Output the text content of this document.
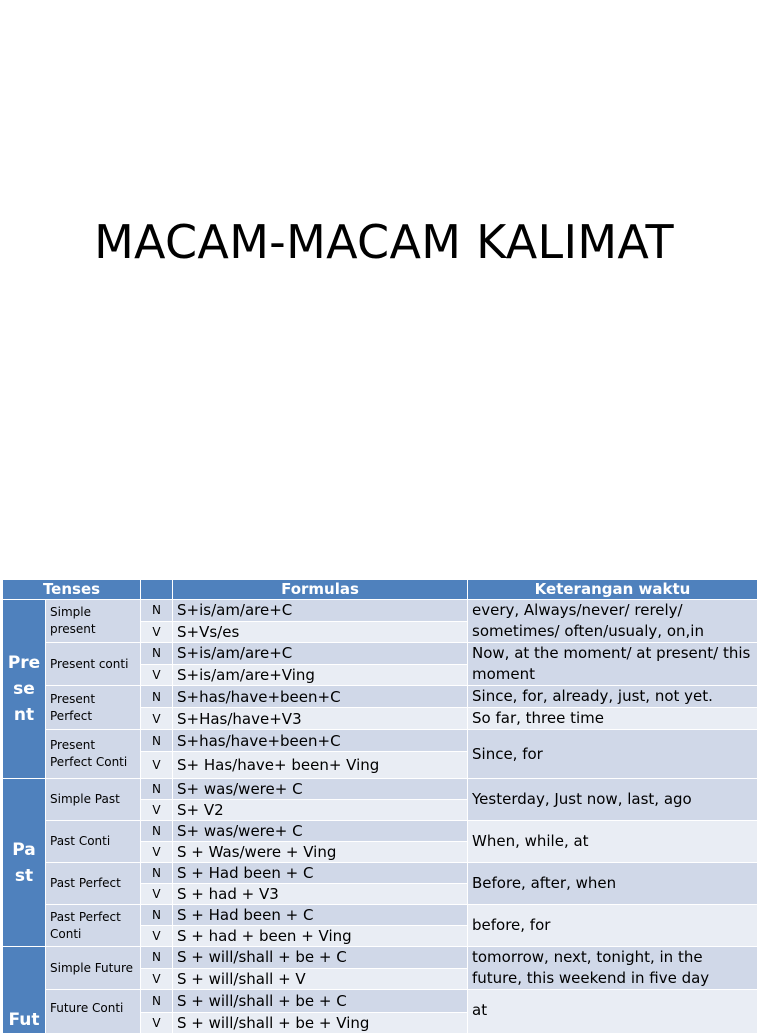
MACAM-MACAM KALIMAT
Tenses			Formulas	Keterangan waktu
Pre se nt	Simple present	N	S+is/am/are+C	every, Always/never/ rerely/ sometimes/ often/usualy, on,in
		V	S+Vs/es	
	Present conti	N	S+is/am/are+C	Now, at the moment/ at present/ this moment
		V	S+is/am/are+Ving	
	Present Perfect	N	S+has/have+been+C	Since, for, already, just, not yet.
		V	S+Has/have+V3	So far, three time
	Present Perfect Conti	N	S+has/have+been+C	Since, for
		V	S+ Has/have+ been+ Ving	
Pa st	Simple Past	N	S+ was/were+ C	Yesterday, Just now, last, ago
		V	S+ V2	
	Past Conti	N	S+ was/were+ C	When, while, at
		V	S + Was/were + Ving	
	Past Perfect	N	S + Had been + C	Before, after, when
		V	S + had + V3	
	Past Perfect Conti	N	S + Had been + C	before, for
		V	S + had + been + Ving	
Fut	Simple Future	N	S + will/shall + be + C	tomorrow, next, tonight, in the future, this weekend in five day
		V	S + will/shall + V	
	Future Conti	N	S + will/shall + be + C	at
		V	S + will/shall + be + Ving	
